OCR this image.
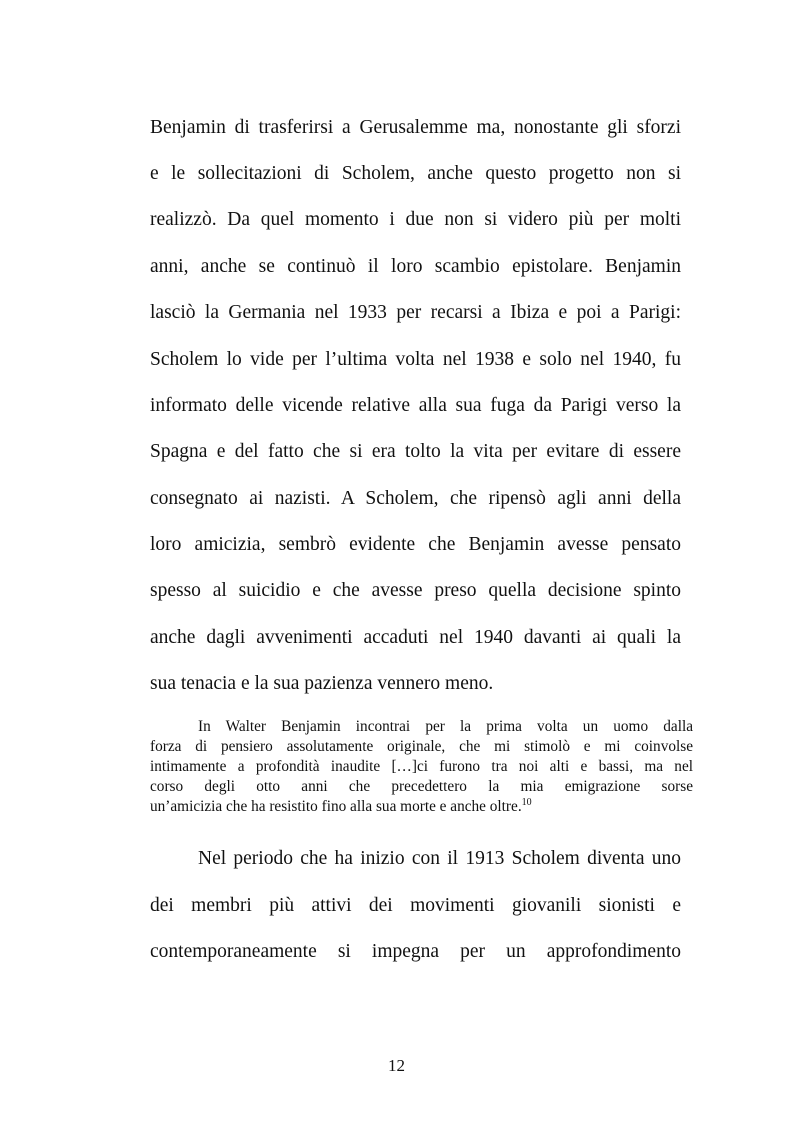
Benjamin di trasferirsi a Gerusalemme ma, nonostante gli sforzi
e le sollecitazioni di Scholem, anche questo progetto non si
realizzò. Da quel momento i due non si videro più per molti
anni, anche se continuò il loro scambio epistolare. Benjamin
lasciò la Germania nel 1933 per recarsi a Ibiza e poi a Parigi:
Scholem lo vide per l’ultima volta nel 1938 e solo nel 1940, fu
informato delle vicende relative alla sua fuga da Parigi verso la
Spagna e del fatto che si era tolto la vita per evitare di essere
consegnato ai nazisti. A Scholem, che ripensò agli anni della
loro amicizia, sembrò evidente che Benjamin avesse pensato
spesso al suicidio e che avesse preso quella decisione spinto
anche dagli avvenimenti accaduti nel 1940 davanti ai quali la
sua tenacia e la sua pazienza vennero meno.
In Walter Benjamin incontrai per la prima volta un uomo dalla
forza di pensiero assolutamente originale, che mi stimolò e mi coinvolse
intimamente a profondità inaudite […]ci furono tra noi alti e bassi, ma nel
corso degli otto anni che precedettero la mia emigrazione sorse
un’amicizia che ha resistito fino alla sua morte e anche oltre.$^{10}$
Nel periodo che ha inizio con il 1913 Scholem diventa uno
dei membri più attivi dei movimenti giovanili sionisti e
contemporaneamente si impegna per un approfondimento
12
